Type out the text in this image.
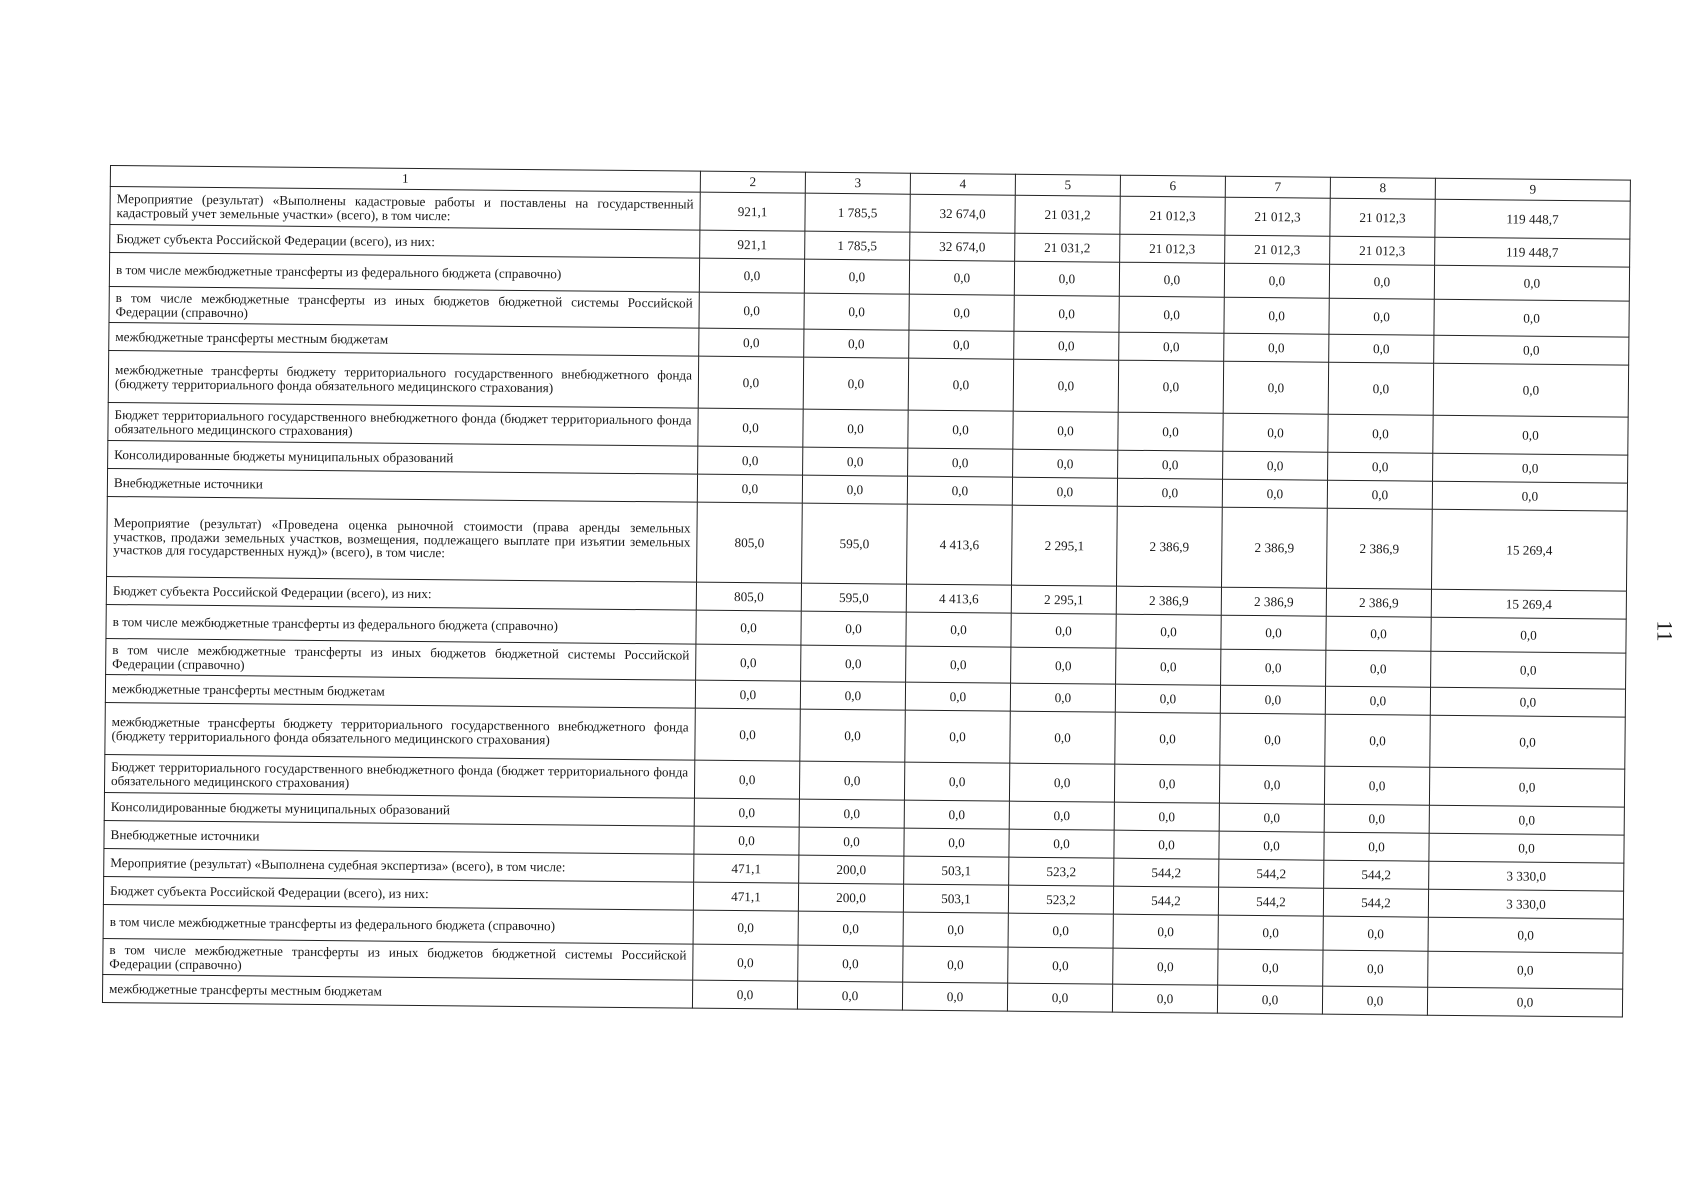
1	2	3	4	5	6	7	8	9
Мероприятие (результат) «Выполнены кадастровые работы и поставлены на государственный кадастровый учет земельные участки» (всего), в том числе:	921,1	1 785,5	32 674,0	21 031,2	21 012,3	21 012,3	21 012,3	119 448,7
Бюджет субъекта Российской Федерации (всего), из них:	921,1	1 785,5	32 674,0	21 031,2	21 012,3	21 012,3	21 012,3	119 448,7
в том числе межбюджетные трансферты из федерального бюджета (справочно)	0,0	0,0	0,0	0,0	0,0	0,0	0,0	0,0
в том числе межбюджетные трансферты из иных бюджетов бюджетной системы Российской Федерации (справочно)	0,0	0,0	0,0	0,0	0,0	0,0	0,0	0,0
межбюджетные трансферты местным бюджетам	0,0	0,0	0,0	0,0	0,0	0,0	0,0	0,0
межбюджетные трансферты бюджету территориального государственного внебюджетного фонда (бюджету территориального фонда обязательного медицинского страхования)	0,0	0,0	0,0	0,0	0,0	0,0	0,0	0,0
Бюджет территориального государственного внебюджетного фонда (бюджет территориального фонда обязательного медицинского страхования)	0,0	0,0	0,0	0,0	0,0	0,0	0,0	0,0
Консолидированные бюджеты муниципальных образований	0,0	0,0	0,0	0,0	0,0	0,0	0,0	0,0
Внебюджетные источники	0,0	0,0	0,0	0,0	0,0	0,0	0,0	0,0
Мероприятие (результат) «Проведена оценка рыночной стоимости (права аренды земельных участков, продажи земельных участков, возмещения, подлежащего выплате при изъятии земельных участков для государственных нужд)» (всего), в том числе:	805,0	595,0	4 413,6	2 295,1	2 386,9	2 386,9	2 386,9	15 269,4
Бюджет субъекта Российской Федерации (всего), из них:	805,0	595,0	4 413,6	2 295,1	2 386,9	2 386,9	2 386,9	15 269,4
в том числе межбюджетные трансферты из федерального бюджета (справочно)	0,0	0,0	0,0	0,0	0,0	0,0	0,0	0,0
в том числе межбюджетные трансферты из иных бюджетов бюджетной системы Российской Федерации (справочно)	0,0	0,0	0,0	0,0	0,0	0,0	0,0	0,0
межбюджетные трансферты местным бюджетам	0,0	0,0	0,0	0,0	0,0	0,0	0,0	0,0
межбюджетные трансферты бюджету территориального государственного внебюджетного фонда (бюджету территориального фонда обязательного медицинского страхования)	0,0	0,0	0,0	0,0	0,0	0,0	0,0	0,0
Бюджет территориального государственного внебюджетного фонда (бюджет территориального фонда обязательного медицинского страхования)	0,0	0,0	0,0	0,0	0,0	0,0	0,0	0,0
Консолидированные бюджеты муниципальных образований	0,0	0,0	0,0	0,0	0,0	0,0	0,0	0,0
Внебюджетные источники	0,0	0,0	0,0	0,0	0,0	0,0	0,0	0,0
Мероприятие (результат) «Выполнена судебная экспертиза» (всего), в том числе:	471,1	200,0	503,1	523,2	544,2	544,2	544,2	3 330,0
Бюджет субъекта Российской Федерации (всего), из них:	471,1	200,0	503,1	523,2	544,2	544,2	544,2	3 330,0
в том числе межбюджетные трансферты из федерального бюджета (справочно)	0,0	0,0	0,0	0,0	0,0	0,0	0,0	0,0
в том числе межбюджетные трансферты из иных бюджетов бюджетной системы Российской Федерации (справочно)	0,0	0,0	0,0	0,0	0,0	0,0	0,0	0,0
межбюджетные трансферты местным бюджетам	0,0	0,0	0,0	0,0	0,0	0,0	0,0	0,0
11
